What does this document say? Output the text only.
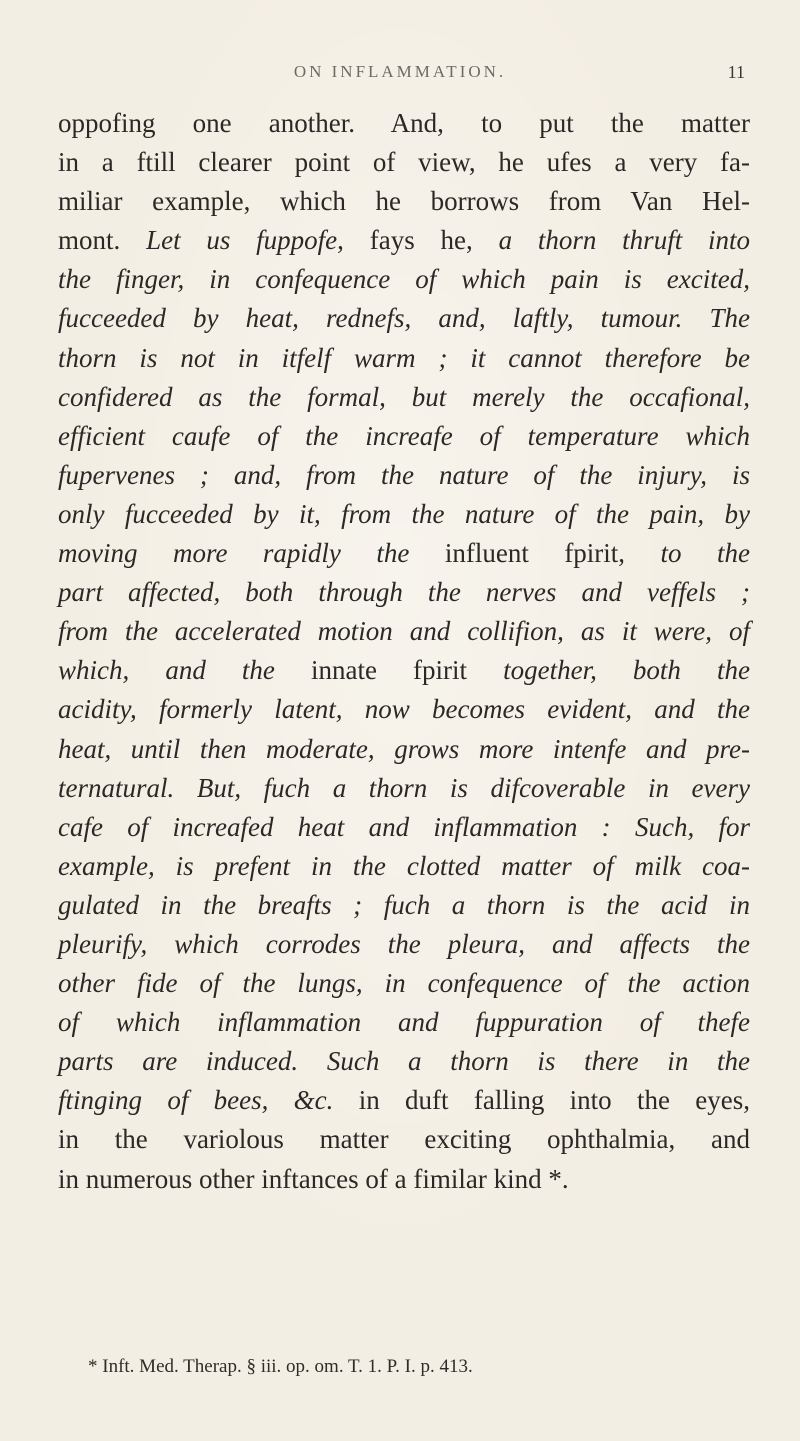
ON INFLAMMATION.	11
oppofing one another. And, to put the matter
in a ftill clearer point of view, he ufes a very fa-
miliar example, which he borrows from Van Hel-
mont. Let us fuppofe, fays he, a thorn thruft into
the finger, in confequence of which pain is excited,
fucceeded by heat, rednefs, and, laftly, tumour. The
thorn is not in itfelf warm ; it cannot therefore be
confidered as the formal, but merely the occafional,
efficient caufe of the increafe of temperature which
fupervenes ; and, from the nature of the injury, is
only fucceeded by it, from the nature of the pain, by
moving more rapidly the influent fpirit, to the
part affected, both through the nerves and veffels ;
from the accelerated motion and collifion, as it were, of
which, and the innate fpirit together, both the
acidity, formerly latent, now becomes evident, and the
heat, until then moderate, grows more intenfe and pre-
ternatural. But, fuch a thorn is difcoverable in every
cafe of increafed heat and inflammation : Such, for
example, is prefent in the clotted matter of milk coa-
gulated in the breafts ; fuch a thorn is the acid in
pleurify, which corrodes the pleura, and affects the
other fide of the lungs, in confequence of the action
of which inflammation and fuppuration of thefe
parts are induced. Such a thorn is there in the
ftinging of bees, &c. in duft falling into the eyes,
in the variolous matter exciting ophthalmia, and
in numerous other inftances of a fimilar kind *.
* Inft. Med. Therap. § iii. op. om. T. 1. P. I. p. 413.
